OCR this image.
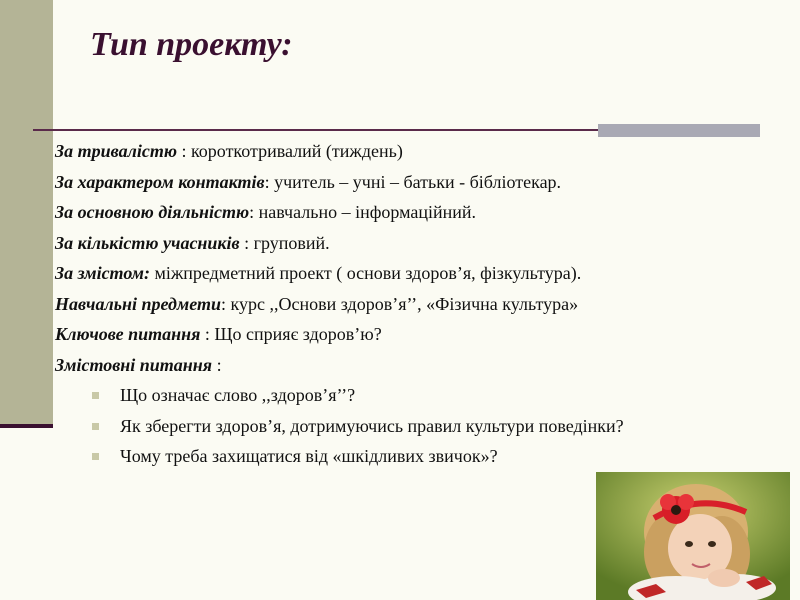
Тип проекту:
За тривалістю : короткотривалий (тиждень)
За характером контактів: учитель – учні – батьки - бібліотекар.
За основною діяльністю: навчально – інформаційний.
За кількістю учасників : груповий.
За змістом: міжпредметний проект ( основи здоров’я, фізкультура).
Навчальні предмети: курс ,,Основи здоров’я’’, «Фізична культура»
Ключове питання : Що сприяє здоров’ю?
Змістовні питання :
Що означає слово ,,здоров’я’’?
Як зберегти здоров’я, дотримуючись правил культури поведінки?
Чому треба захищатися від «шкідливих звичок»?
